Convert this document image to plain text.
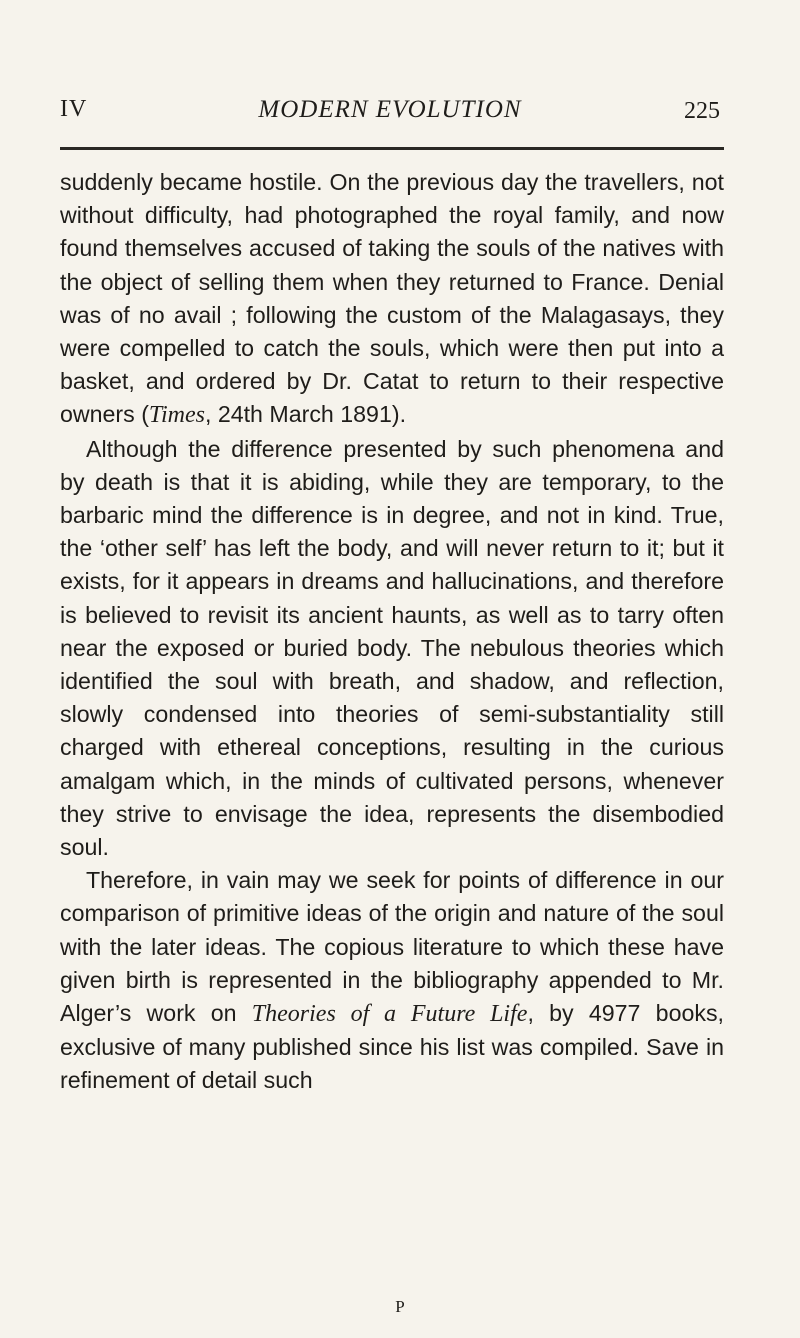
IV	MODERN EVOLUTION	225

suddenly became hostile. On the previous day the travellers, not without difficulty, had photographed the royal family, and now found themselves accused of taking the souls of the natives with the object of selling them when they returned to France. Denial was of no avail ; following the custom of the Malagasays, they were compelled to catch the souls, which were then put into a basket, and ordered by Dr. Catat to return to their respective owners (Times, 24th March 1891).

Although the difference presented by such phenomena and by death is that it is abiding, while they are temporary, to the barbaric mind the difference is in degree, and not in kind. True, the ‘other self’ has left the body, and will never return to it; but it exists, for it appears in dreams and hallucinations, and therefore is believed to revisit its ancient haunts, as well as to tarry often near the exposed or buried body. The nebulous theories which identified the soul with breath, and shadow, and reflection, slowly condensed into theories of semi-substantiality still charged with ethereal conceptions, resulting in the curious amalgam which, in the minds of cultivated persons, whenever they strive to envisage the idea, represents the disembodied soul.

Therefore, in vain may we seek for points of difference in our comparison of primitive ideas of the origin and nature of the soul with the later ideas. The copious literature to which these have given birth is represented in the bibliography appended to Mr. Alger’s work on Theories of a Future Life, by 4977 books, exclusive of many published since his list was compiled. Save in refinement of detail such

P
